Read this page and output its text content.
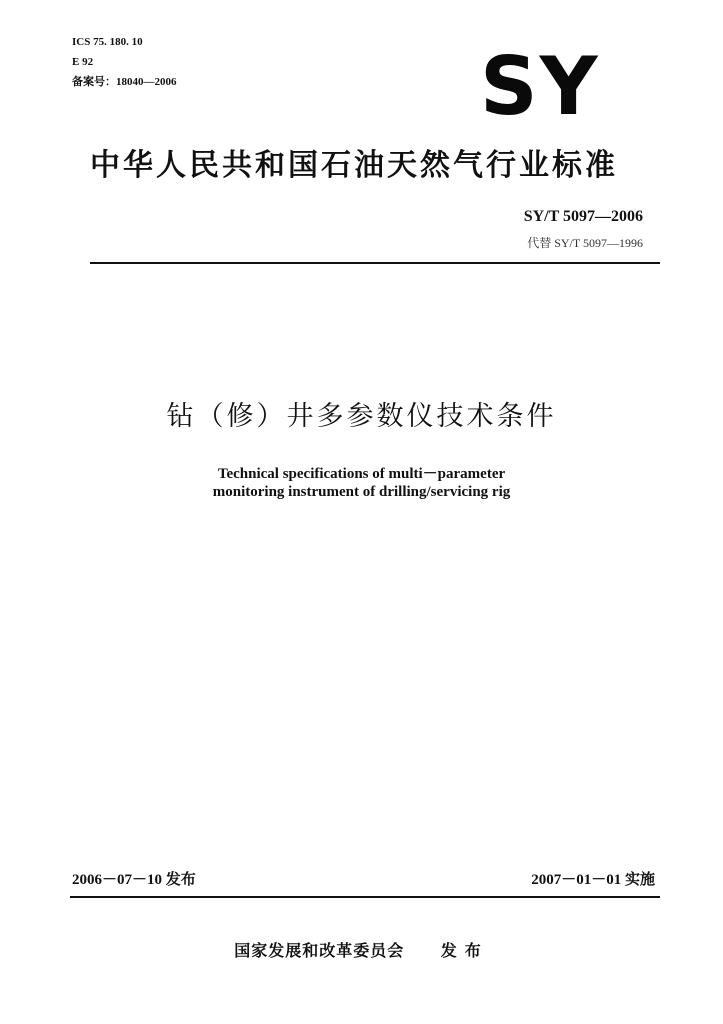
ICS 75. 180. 10
E 92
备案号：18040—2006	SY
中华人民共和国石油天然气行业标准
SY/T 5097—2006
代替 SY/T 5097—1996
钻（修）井多参数仪技术条件
Technical specifications of multi－parameter
monitoring instrument of drilling/servicing rig
2006－07－10 发布	2007－01－01 实施
国家发展和改革委员会 发布
